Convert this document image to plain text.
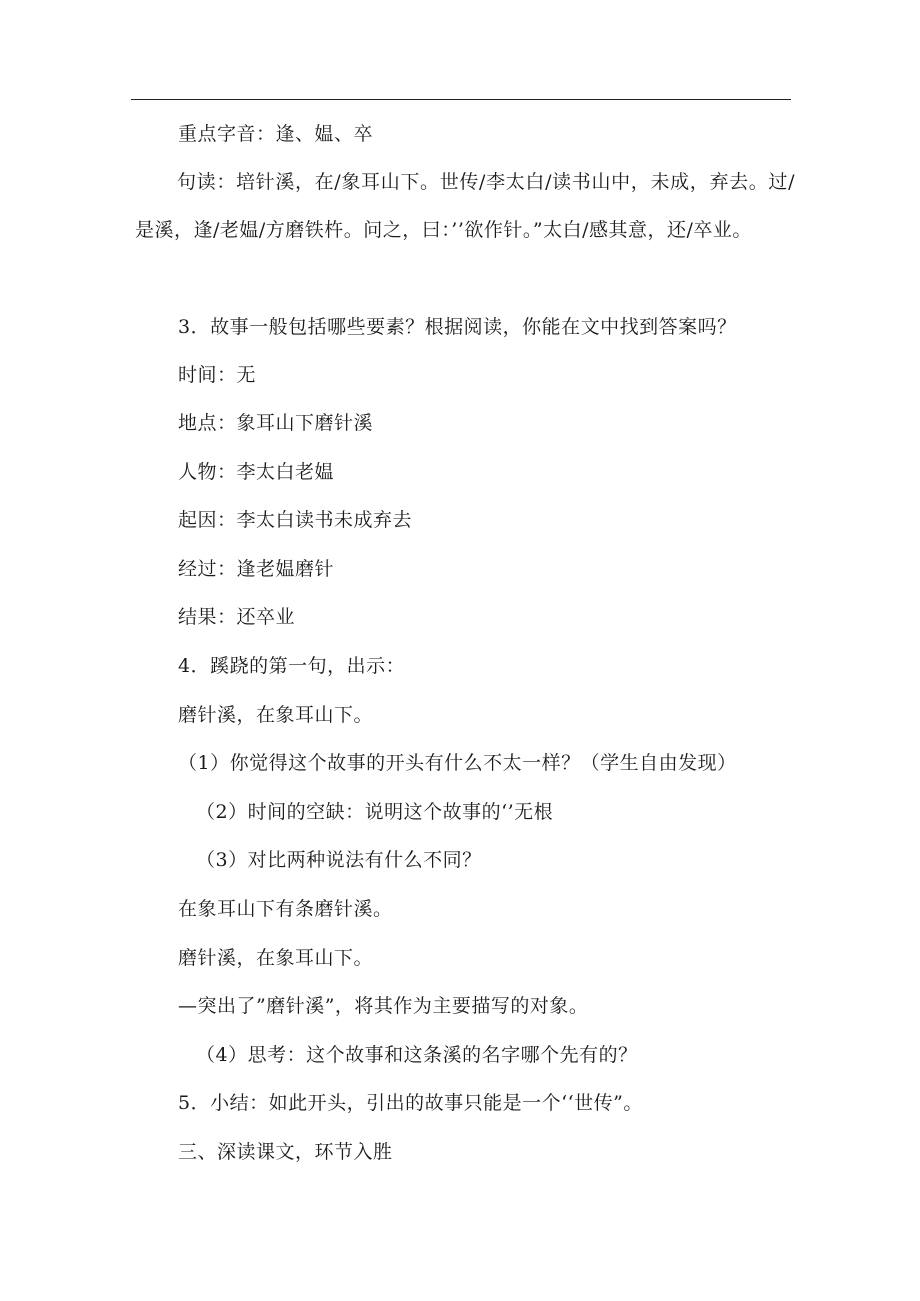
重点字音：逢、媪、卒
句读：培针溪，在/象耳山下。世传/李太白/读书山中，未成，弃去。过/是溪，逢/老媪/方磨铁杵。问之，曰：’’欲作针。”太白/感其意，还/卒业。
3．故事一般包括哪些要素？根据阅读，你能在文中找到答案吗？
时间：无
地点：象耳山下磨针溪
人物：李太白老媪
起因：李太白读书未成弃去
经过：逢老媪磨针
结果：还卒业
4．蹊跷的第一句，出示：
磨针溪，在象耳山下。
（1）你觉得这个故事的开头有什么不太一样？（学生自由发现）
（2）时间的空缺：说明这个故事的‘’无根
（3）对比两种说法有什么不同？
在象耳山下有条磨针溪。
磨针溪，在象耳山下。
—突出了”磨针溪”，将其作为主要描写的对象。
（4）思考：这个故事和这条溪的名字哪个先有的？
5．小结：如此开头，引出的故事只能是一个‘‘世传”。
三、深读课文，环节入胜
